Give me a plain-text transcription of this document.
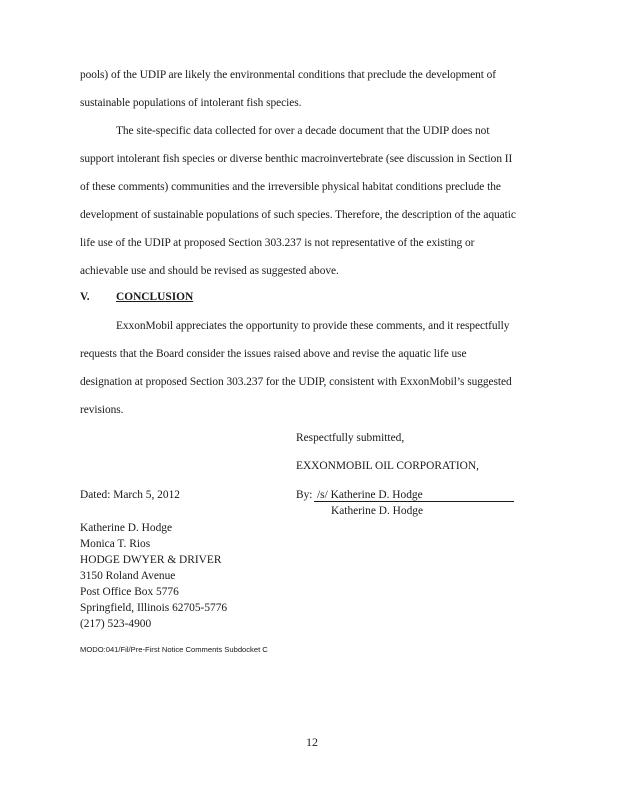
pools) of the UDIP are likely the environmental conditions that preclude the development of
sustainable populations of intolerant fish species.
The site-specific data collected for over a decade document that the UDIP does not
support intolerant fish species or diverse benthic macroinvertebrate (see discussion in Section II
of these comments) communities and the irreversible physical habitat conditions preclude the
development of sustainable populations of such species. Therefore, the description of the aquatic
life use of the UDIP at proposed Section 303.237 is not representative of the existing or
achievable use and should be revised as suggested above.
V. CONCLUSION
ExxonMobil appreciates the opportunity to provide these comments, and it respectfully
requests that the Board consider the issues raised above and revise the aquatic life use
designation at proposed Section 303.237 for the UDIP, consistent with ExxonMobil’s suggested
revisions.
Respectfully submitted,
EXXONMOBIL OIL CORPORATION,
Dated: March 5, 2012	By: /s/ Katherine D. Hodge
Katherine D. Hodge
Katherine D. Hodge
Monica T. Rios
HODGE DWYER & DRIVER
3150 Roland Avenue
Post Office Box 5776
Springfield, Illinois 62705-5776
(217) 523-4900
MODO:041/Fil/Pre-First Notice Comments Subdocket C
12
